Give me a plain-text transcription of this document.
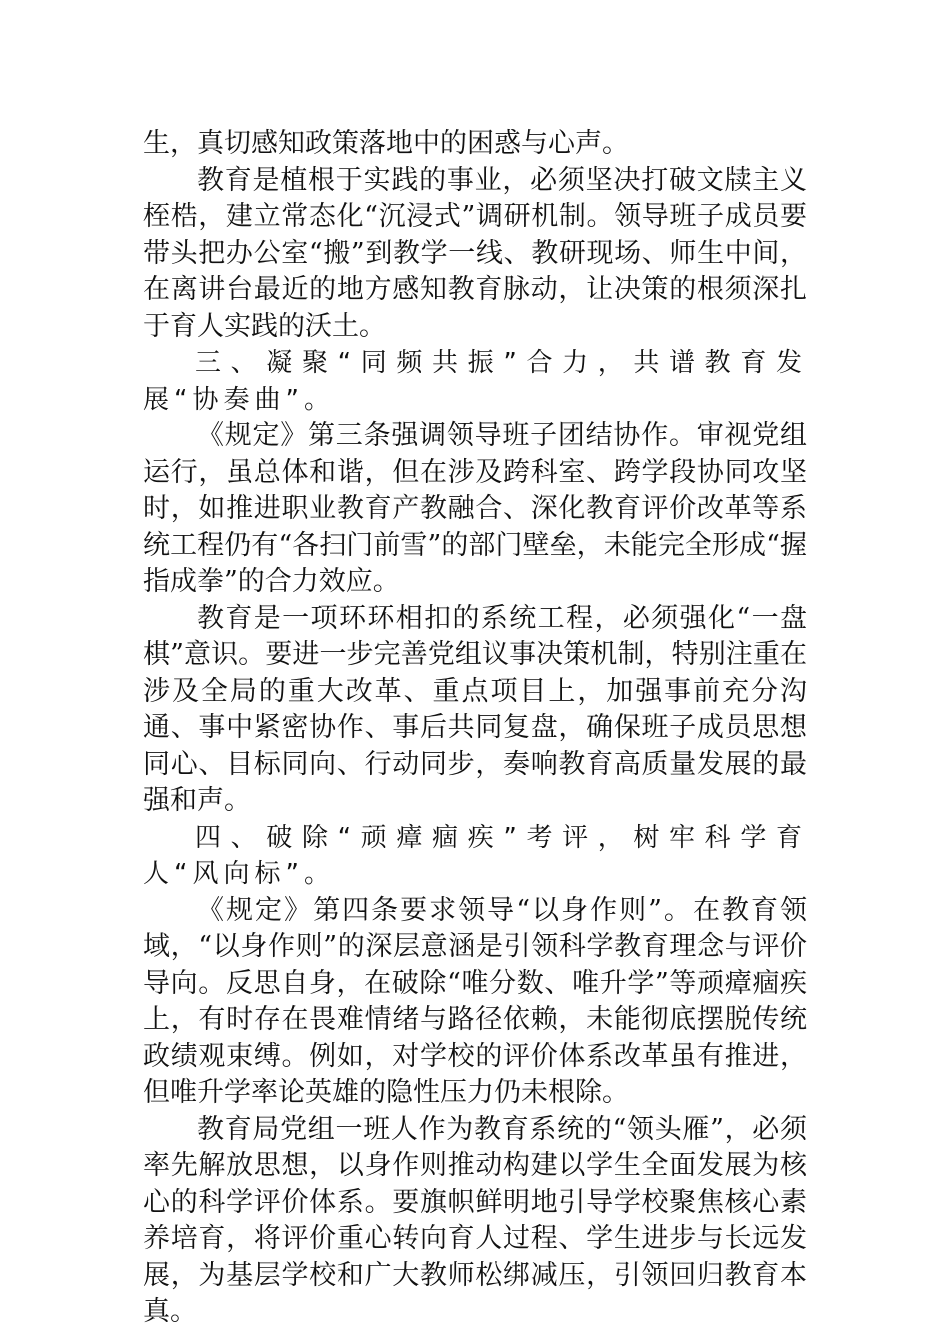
生，真切感知政策落地中的困惑与心声。

教育是植根于实践的事业，必须坚决打破文牍主义桎梏，建立常态化“沉浸式”调研机制。领导班子成员要带头把办公室“搬”到教学一线、教研现场、师生中间，在离讲台最近的地方感知教育脉动，让决策的根须深扎于育人实践的沃土。

三、凝聚“同频共振”合力，共谱教育发展“协奏曲”。

《规定》第三条强调领导班子团结协作。审视党组运行，虽总体和谐，但在涉及跨科室、跨学段协同攻坚时，如推进职业教育产教融合、深化教育评价改革等系统工程仍有“各扫门前雪”的部门壁垒，未能完全形成“握指成拳”的合力效应。

教育是一项环环相扣的系统工程，必须强化“一盘棋”意识。要进一步完善党组议事决策机制，特别注重在涉及全局的重大改革、重点项目上，加强事前充分沟通、事中紧密协作、事后共同复盘，确保班子成员思想同心、目标同向、行动同步，奏响教育高质量发展的最强和声。

四、破除“顽瘴痼疾”考评，树牢科学育人“风向标”。

《规定》第四条要求领导“以身作则”。在教育领域，“以身作则”的深层意涵是引领科学教育理念与评价导向。反思自身，在破除“唯分数、唯升学”等顽瘴痼疾上，有时存在畏难情绪与路径依赖，未能彻底摆脱传统政绩观束缚。例如，对学校的评价体系改革虽有推进，但唯升学率论英雄的隐性压力仍未根除。

教育局党组一班人作为教育系统的“领头雁”，必须率先解放思想，以身作则推动构建以学生全面发展为核心的科学评价体系。要旗帜鲜明地引导学校聚焦核心素养培育，将评价重心转向育人过程、学生进步与长远发展，为基层学校和广大教师松绑减压，引领回归教育本真。
